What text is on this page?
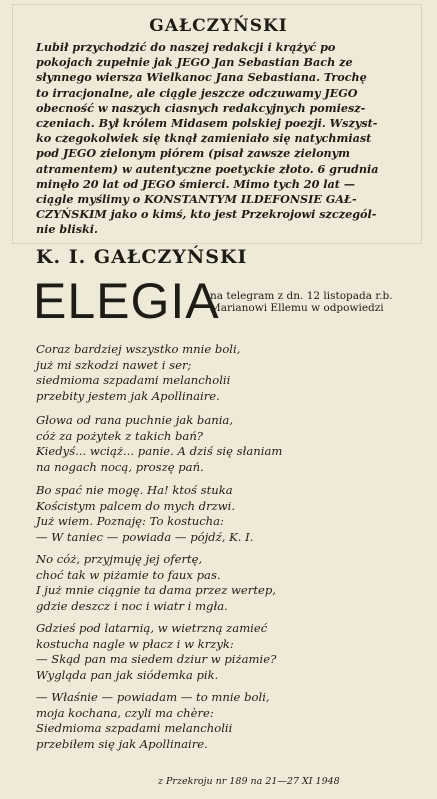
GAŁCZYŃSKI
Lubił przychodzić do naszej redakcji i krążyć po
pokojach zupełnie jak JEGO Jan Sebastian Bach ze
słynnego wiersza Wielkanoc Jana Sebastiana. Trochę
to irracjonalne, ale ciągle jeszcze odczuwamy JEGO
obecność w naszych ciasnych redakcyjnych pomiesz-
czeniach. Był królem Midasem polskiej poezji. Wszyst-
ko czegokolwiek się tknął zamieniało się natychmiast
pod JEGO zielonym piórem (pisał zawsze zielonym
atramentem) w autentyczne poetyckie złoto. 6 grudnia
minęło 20 lat od JEGO śmierci. Mimo tych 20 lat —
ciągle myślimy o KONSTANTYM ILDEFONSIE GAŁ-
CZYŃSKIM jako o kimś, kto jest Przekrojowi szczegól-
nie bliski.
K. I. GAŁCZYŃSKI
ELEGIA
na telegram z dn. 12 listopada r.b.
Marianowi Ellemu w odpowiedzi
Coraz bardziej wszystko mnie boli,
już mi szkodzi nawet i ser;
siedmioma szpadami melancholii
przebity jestem jak Apollinaire.
Głowa od rana puchnie jak bania,
cóż za pożytek z takich bań?
Kiedyś... wciąż... panie. A dziś się słaniam
na nogach nocą, proszę pań.
Bo spać nie mogę. Ha! ktoś stuka
Kościstym palcem do mych drzwi.
Już wiem. Poznaję: To kostucha:
— W taniec — powiada — pójdź, K. I.
No cóż, przyjmuję jej ofertę,
choć tak w piżamie to faux pas.
I już mnie ciągnie ta dama przez wertep,
gdzie deszcz i noc i wiatr i mgła.
Gdzieś pod latarnią, w wietrzną zamieć
kostucha nagle w płacz i w krzyk:
— Skąd pan ma siedem dziur w piżamie?
Wygląda pan jak siódemka pik.
— Właśnie — powiadam — to mnie boli,
moja kochana, czyli ma chère:
Siedmioma szpadami melancholii
przebiłem się jak Apollinaire.
z Przekroju nr 189 na 21—27 XI 1948
